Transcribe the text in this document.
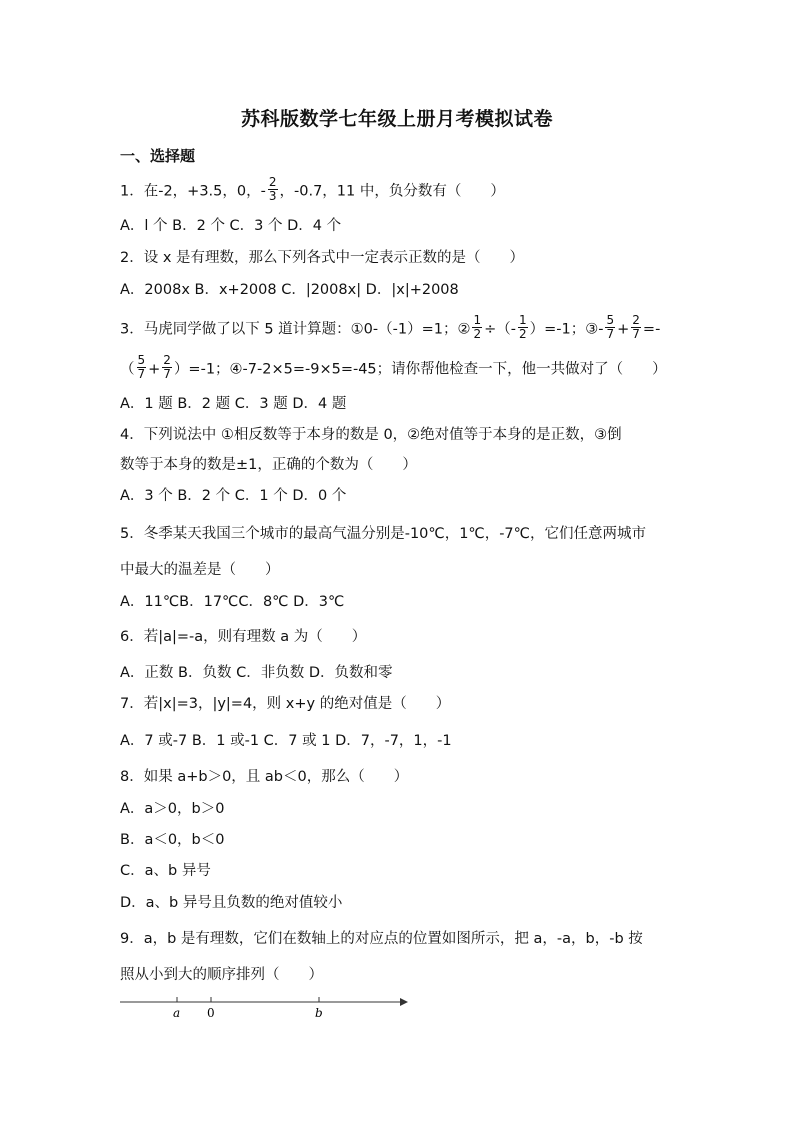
苏科版数学七年级上册月考模拟试卷
一、选择题
1．在-2，+3.5，0，- $\frac{2}{3}$ ，-0.7，11 中，负分数有（　　）
A．l 个 B．2 个 C．3 个 D．4 个
2．设 x 是有理数，那么下列各式中一定表示正数的是（　　）
A．2008x B．x+2008 C．|2008x| D．|x|+2008
3．马虎同学做了以下 5 道计算题：①0-（-1）=1；② $\frac{1}{2}$ ÷（- $\frac{1}{2} )=-1$；③- $\frac{5}{7} + \frac{2}{7}$ =-
（ $\frac{5}{7} + \frac{2}{7} )=-1$；④-7-2×5=-9×5=-45；请你帮他检查一下，他一共做对了（　　）
A．1 题 B．2 题 C．3 题 D．4 题
4．下列说法中 ①相反数等于本身的数是 0，②绝对值等于本身的是正数，③倒
数等于本身的数是±1，正确的个数为（　　）
A．3 个 B．2 个 C．1 个 D．0 个
5．冬季某天我国三个城市的最高气温分别是-10℃，1℃，-7℃，它们任意两城市
中最大的温差是（　　）
A．11℃B．17℃C．8℃ D．3℃
6．若|a|=-a，则有理数 a 为（　　）
A．正数 B．负数 C．非负数 D．负数和零
7．若|x|=3，|y|=4，则 x+y 的绝对值是（　　）
A．7 或-7 B．1 或-1 C．7 或 1 D．7，-7，1，-1
8．如果 a+b＞0，且 ab＜0，那么（　　）
A．a＞0，b＞0
B．a＜0，b＜0
C．a、b 异号
D．a、b 异号且负数的绝对值较小
9．a，b 是有理数，它们在数轴上的对应点的位置如图所示，把 a，-a，b，-b 按
照从小到大的顺序排列（　　）
a 0	b
